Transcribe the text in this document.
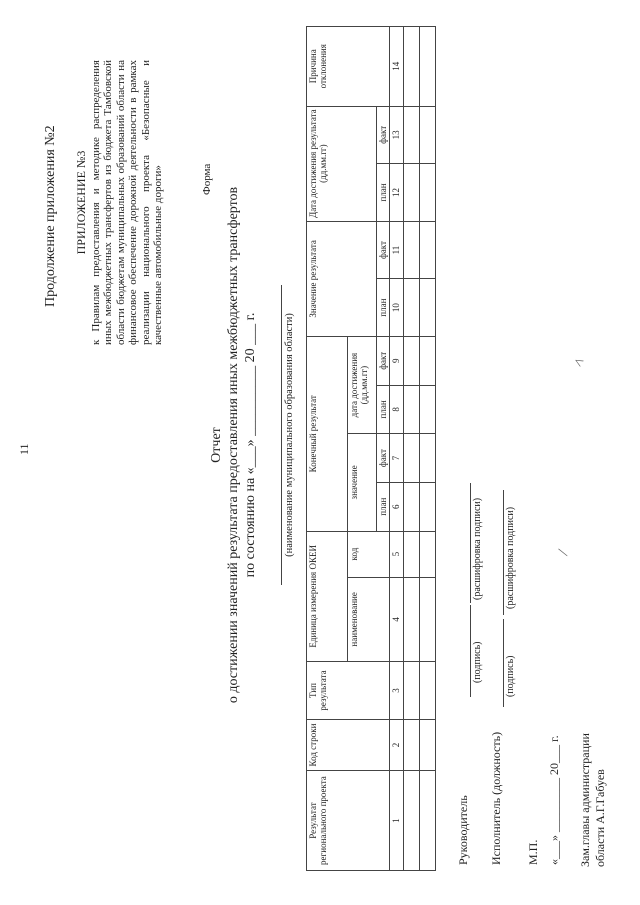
11
Продолжение приложения №2 ПРИЛОЖЕНИЕ №3 к Правилам предоставления и методике распределения иных межбюджетных трансфертов из бюджета Тамбовской области бюджетам муниципальных образований области на финансовое обеспечение дорожной деятельности в рамках реализации национального проекта «Безопасные и качественные автомобильные дороги»	Форма
Отчет о достижении значений результата предоставления иных межбюджетных трансфертов по состоянию на «___» __________ 20 ___ г. (наименование муниципального образования области)
Результат регионального проекта	Код строки	Тип результата	Единица измерения ОКЕИ		Конечный результат				Значение результата		Дата достижения результата (дд.мм.гг)		Причина отклонения
			наименование	код	значение		дата достижения (дд.мм.гг)						
					план	факт	план	факт	план	факт	план	факт	
1	2	3	4	5	6	7	8	9	10	11	12	13	14

Руководитель
(подпись)
(расшифровка подписи)
Исполнитель (должность)
(подпись)
(расшифровка подписи)
М.П. «___» _________ 20___ г. Зам.главы администрации области А.Г.Габуев
/
^
